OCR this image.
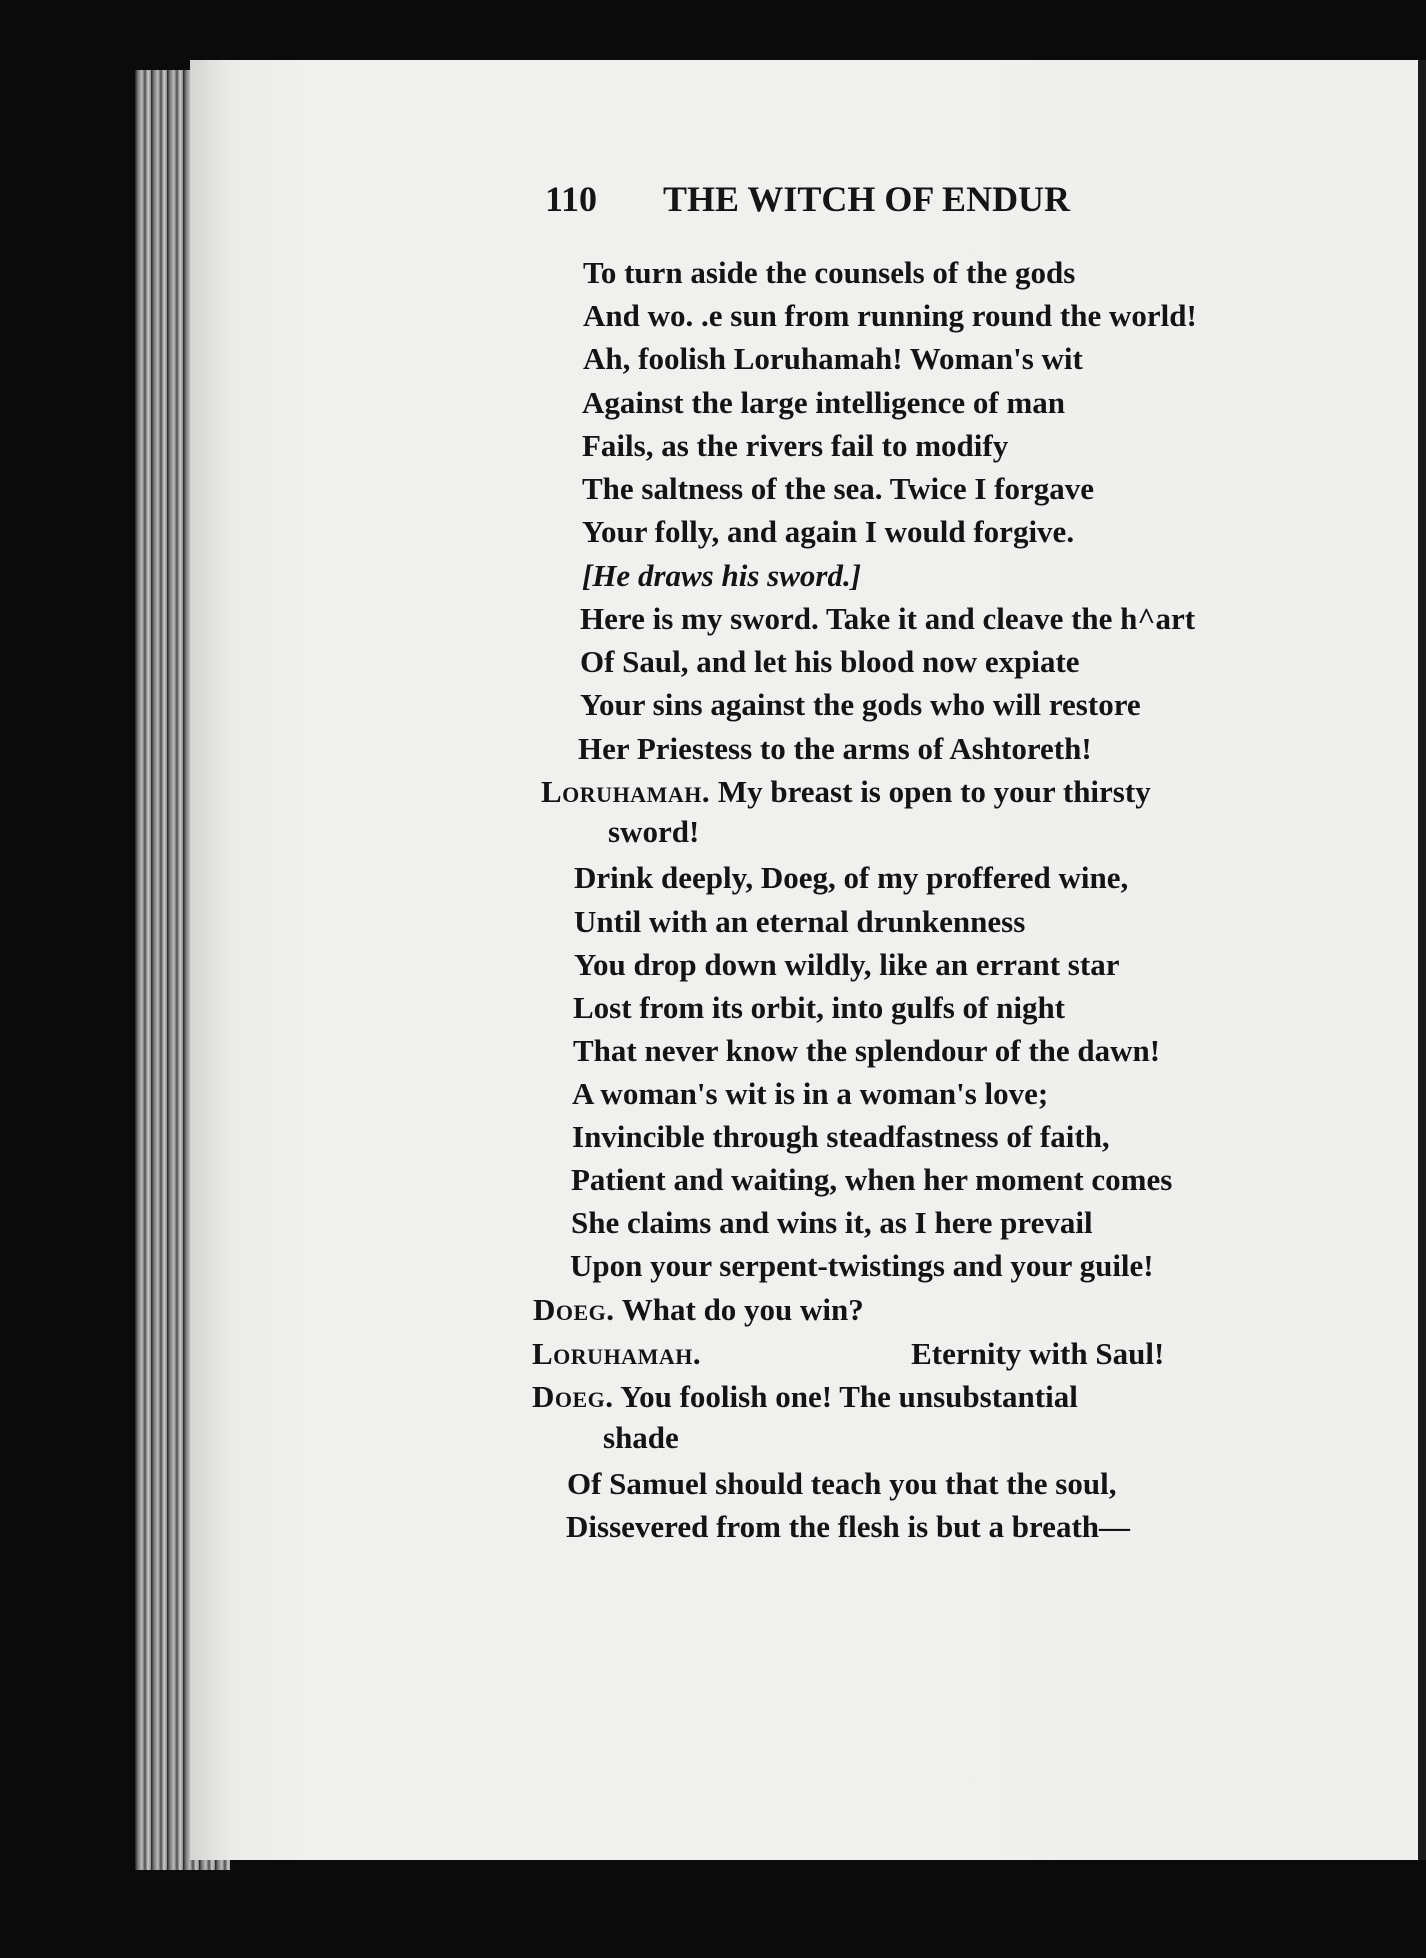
110 THE WITCH OF ENDUR
To turn aside the counsels of the gods
And wo. .e sun from running round the world!
Ah, foolish Loruhamah! Woman's wit
Against the large intelligence of man
Fails, as the rivers fail to modify
The saltness of the sea. Twice I forgave
Your folly, and again I would forgive.
[He draws his sword.]
Here is my sword. Take it and cleave the h^art
Of Saul, and let his blood now expiate
Your sins against the gods who will restore
Her Priestess to the arms of Ashtoreth!
Loruhamah. My breast is open to your thirsty
sword!
Drink deeply, Doeg, of my proffered wine,
Until with an eternal drunkenness
You drop down wildly, like an errant star
Lost from its orbit, into gulfs of night
That never know the splendour of the dawn!
A woman's wit is in a woman's love;
Invincible through steadfastness of faith,
Patient and waiting, when her moment comes
She claims and wins it, as I here prevail
Upon your serpent-twistings and your guile!
Doeg. What do you win?
Loruhamah.	Eternity with Saul!
Doeg. You foolish one! The unsubstantial
shade
Of Samuel should teach you that the soul,
Dissevered from the flesh is but a breath—
